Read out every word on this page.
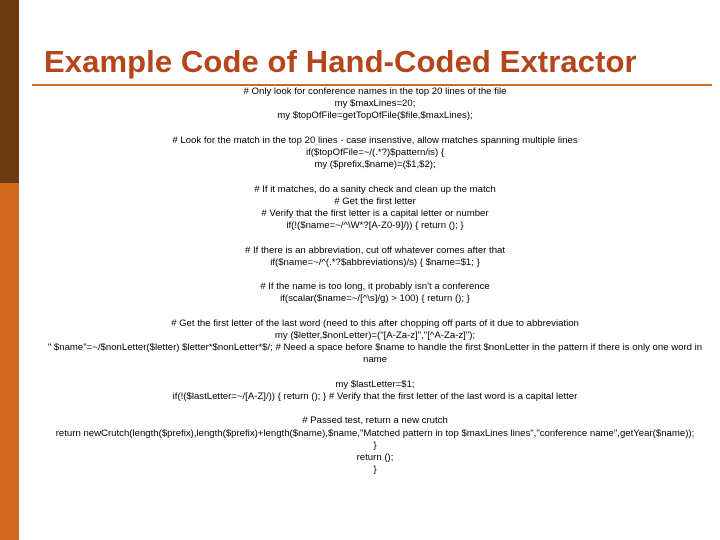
Example Code of Hand-Coded Extractor
# Only look for conference names in the top 20 lines of the file
my $maxLines=20;
my $topOfFile=getTopOfFile($file,$maxLines);
# Look for the match in the top 20 lines - case insenstive, allow matches spanning multiple lines
if($topOfFile=~/(.*?)$pattern/is) {
my ($prefix,$name)=($1,$2);
# If it matches, do a sanity check and clean up the match
# Get the first letter
# Verify that the first letter is a capital letter or number
if(!($name=~/^\W*?[A-Z0-9]/)) { return (); }
# If there is an abbreviation, cut off whatever comes after that
if($name=~/^(.*?$abbreviations)/s) { $name=$1; }
# If the name is too long, it probably isn't a conference
if(scalar($name=~/[^\s]/g) > 100) { return (); }
# Get the first letter of the last word (need to this after chopping off parts of it due to abbreviation
my ($letter,$nonLetter)=("[A-Za-z]","[^A-Za-z]");
" $name"=~/$nonLetter($letter) $letter*$nonLetter*$/; # Need a space before $name to handle the first $nonLetter in the pattern if there is only one word in name
my $lastLetter=$1;
if(!($lastLetter=~/[A-Z]/)) { return (); } # Verify that the first letter of the last word is a capital letter
# Passed test, return a new crutch
return newCrutch(length($prefix),length($prefix)+length($name),$name,"Matched pattern in top $maxLines lines","conference name",getYear($name));
}
return ();
}
